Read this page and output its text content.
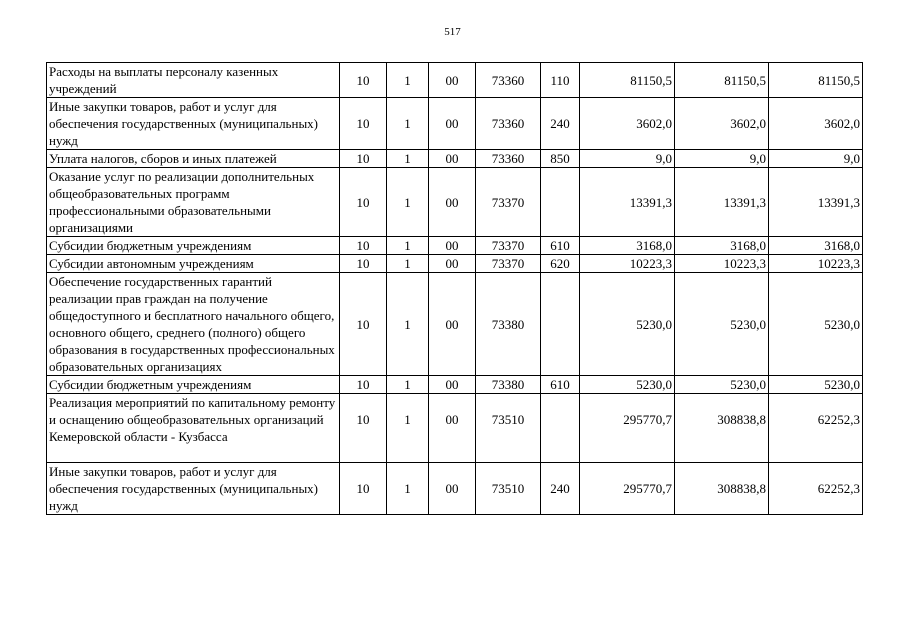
517
Расходы на выплаты персоналу казенных учреждений	10	1	00	73360	110	81150,5	81150,5	81150,5
Иные закупки товаров, работ и услуг для обеспечения государственных (муниципальных) нужд	10	1	00	73360	240	3602,0	3602,0	3602,0
Уплата налогов, сборов и иных платежей	10	1	00	73360	850	9,0	9,0	9,0
Оказание услуг по реализации дополнительных общеобразовательных программ профессиональными образовательными организациями	10	1	00	73370		13391,3	13391,3	13391,3
Субсидии бюджетным учреждениям	10	1	00	73370	610	3168,0	3168,0	3168,0
Субсидии автономным учреждениям	10	1	00	73370	620	10223,3	10223,3	10223,3
Обеспечение государственных гарантий реализации прав граждан на получение общедоступного и бесплатного начального общего, основного общего, среднего (полного) общего образования в государственных профессиональных образовательных организациях	10	1	00	73380		5230,0	5230,0	5230,0
Субсидии бюджетным учреждениям	10	1	00	73380	610	5230,0	5230,0	5230,0
Реализация мероприятий по капитальному ремонту и оснащению общеобразовательных организаций Кемеровской области - Кузбасса	10	1	00	73510		295770,7	308838,8	62252,3
Иные закупки товаров, работ и услуг для обеспечения государственных (муниципальных) нужд	10	1	00	73510	240	295770,7	308838,8	62252,3
